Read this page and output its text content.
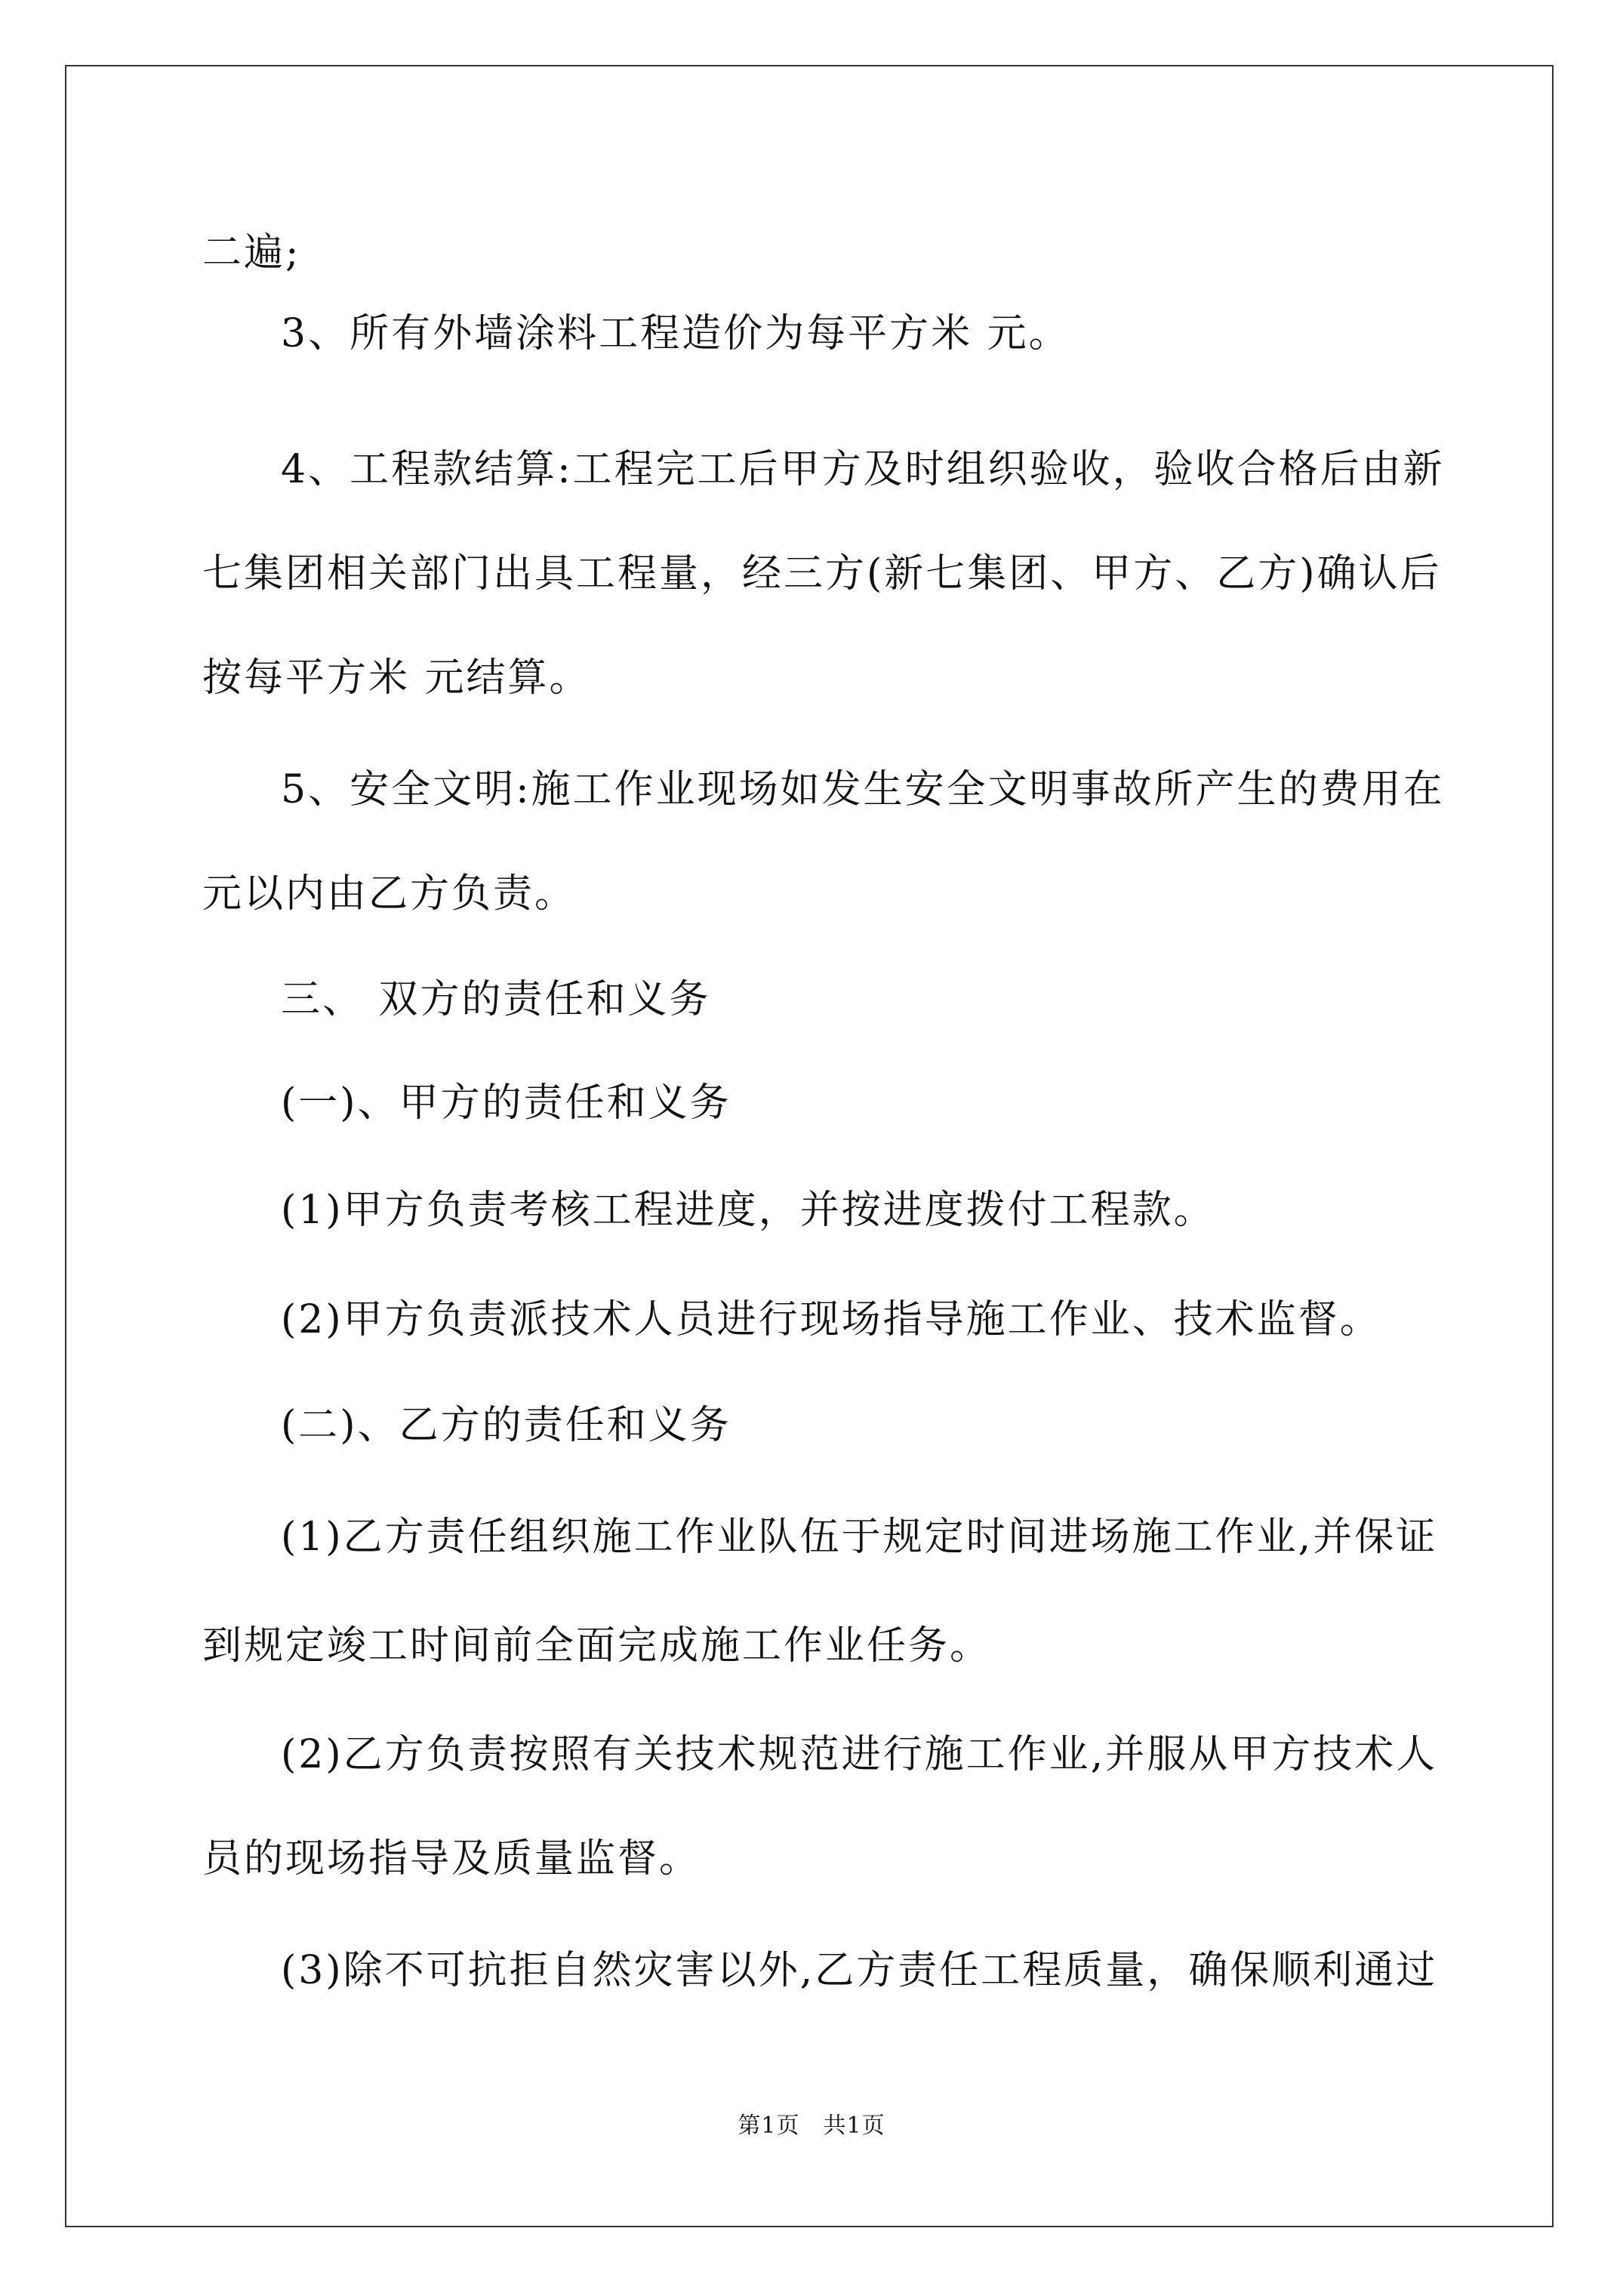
二遍;
3、所有外墙涂料工程造价为每平方米 元。
4、工程款结算:工程完工后甲方及时组织验收，验收合格后由新
七集团相关部门出具工程量，经三方(新七集团、甲方、乙方)确认后
按每平方米 元结算。
5、安全文明:施工作业现场如发生安全文明事故所产生的费用在
元以内由乙方负责。
三、 双方的责任和义务
(一)、甲方的责任和义务
(1)甲方负责考核工程进度，并按进度拨付工程款。
(2)甲方负责派技术人员进行现场指导施工作业、技术监督。
(二)、乙方的责任和义务
(1)乙方责任组织施工作业队伍于规定时间进场施工作业,并保证
到规定竣工时间前全面完成施工作业任务。
(2)乙方负责按照有关技术规范进行施工作业,并服从甲方技术人
员的现场指导及质量监督。
(3)除不可抗拒自然灾害以外,乙方责任工程质量，确保顺利通过
第1页　共1页
